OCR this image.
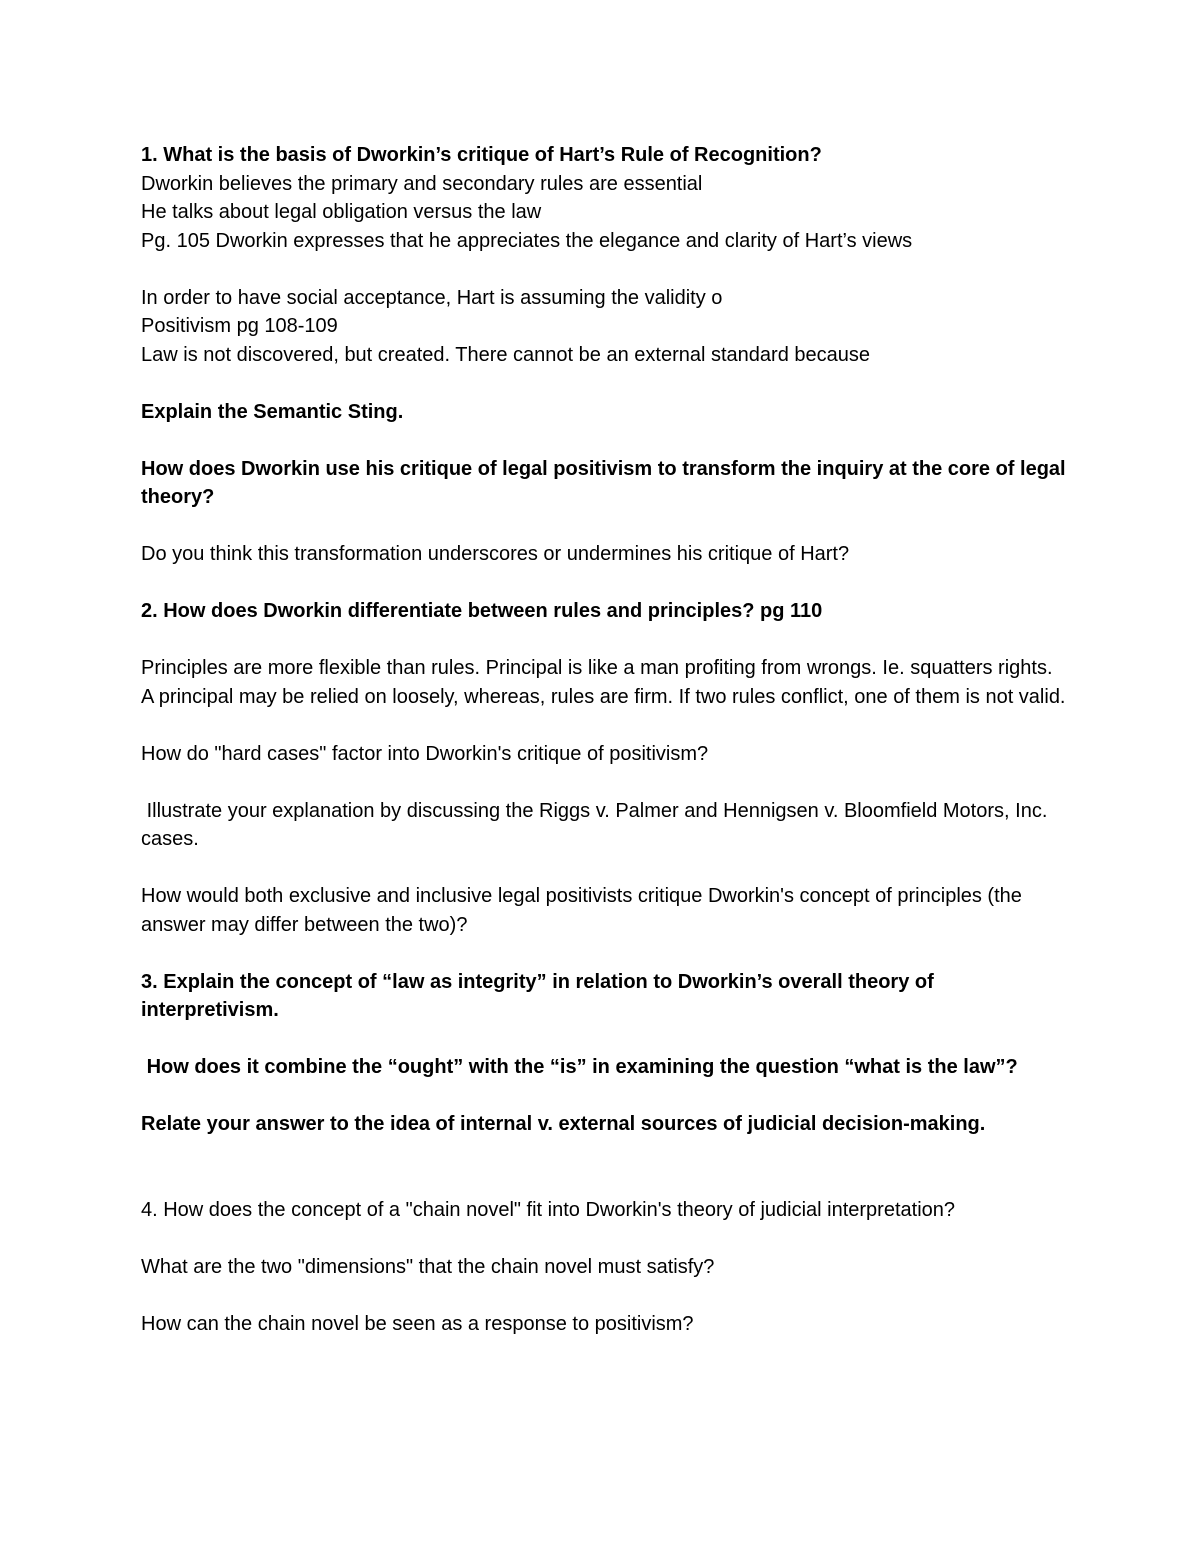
1. What is the basis of Dworkin’s critique of Hart’s Rule of Recognition?

Dworkin believes the primary and secondary rules are essential

He talks about legal obligation versus the law

Pg. 105 Dworkin expresses that he appreciates the elegance and clarity of Hart’s views

In order to have social acceptance, Hart is assuming the validity o

Positivism pg 108-109

Law is not discovered, but created. There cannot be an external standard because

Explain the Semantic Sting.

How does Dworkin use his critique of legal positivism to transform the inquiry at the core of legal theory?

Do you think this transformation underscores or undermines his critique of Hart?

2. How does Dworkin differentiate between rules and principles? pg 110

Principles are more flexible than rules. Principal is like a man profiting from wrongs. Ie. squatters rights. A principal may be relied on loosely, whereas, rules are firm. If two rules conflict, one of them is not valid.

How do "hard cases" factor into Dworkin's critique of positivism?

Illustrate your explanation by discussing the Riggs v. Palmer and Hennigsen v. Bloomfield Motors, Inc. cases.

How would both exclusive and inclusive legal positivists critique Dworkin's concept of principles (the answer may differ between the two)?

3. Explain the concept of “law as integrity” in relation to Dworkin’s overall theory of interpretivism.

How does it combine the “ought” with the “is” in examining the question “what is the law”?

Relate your answer to the idea of internal v. external sources of judicial decision-making.

4. How does the concept of a "chain novel" fit into Dworkin's theory of judicial interpretation?

What are the two "dimensions" that the chain novel must satisfy?

How can the chain novel be seen as a response to positivism?
